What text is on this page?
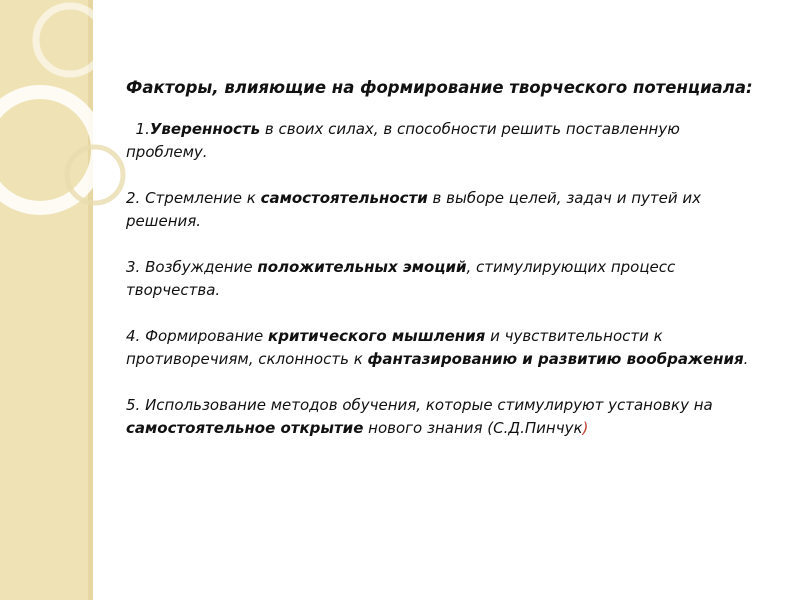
Факторы, влияющие на формирование творческого потенциала:
1.Уверенность в своих силах, в способности решить поставленную проблему.
2. Стремление к самостоятельности в выборе целей, задач и путей их решения.
3. Возбуждение положительных эмоций, стимулирующих процесс творчества.
4. Формирование критического мышления и чувствительности к противоречиям, склонность к фантазированию и развитию воображения.
5. Использование методов обучения, которые стимулируют установку на самостоятельное открытие нового знания (С.Д.Пинчук)
